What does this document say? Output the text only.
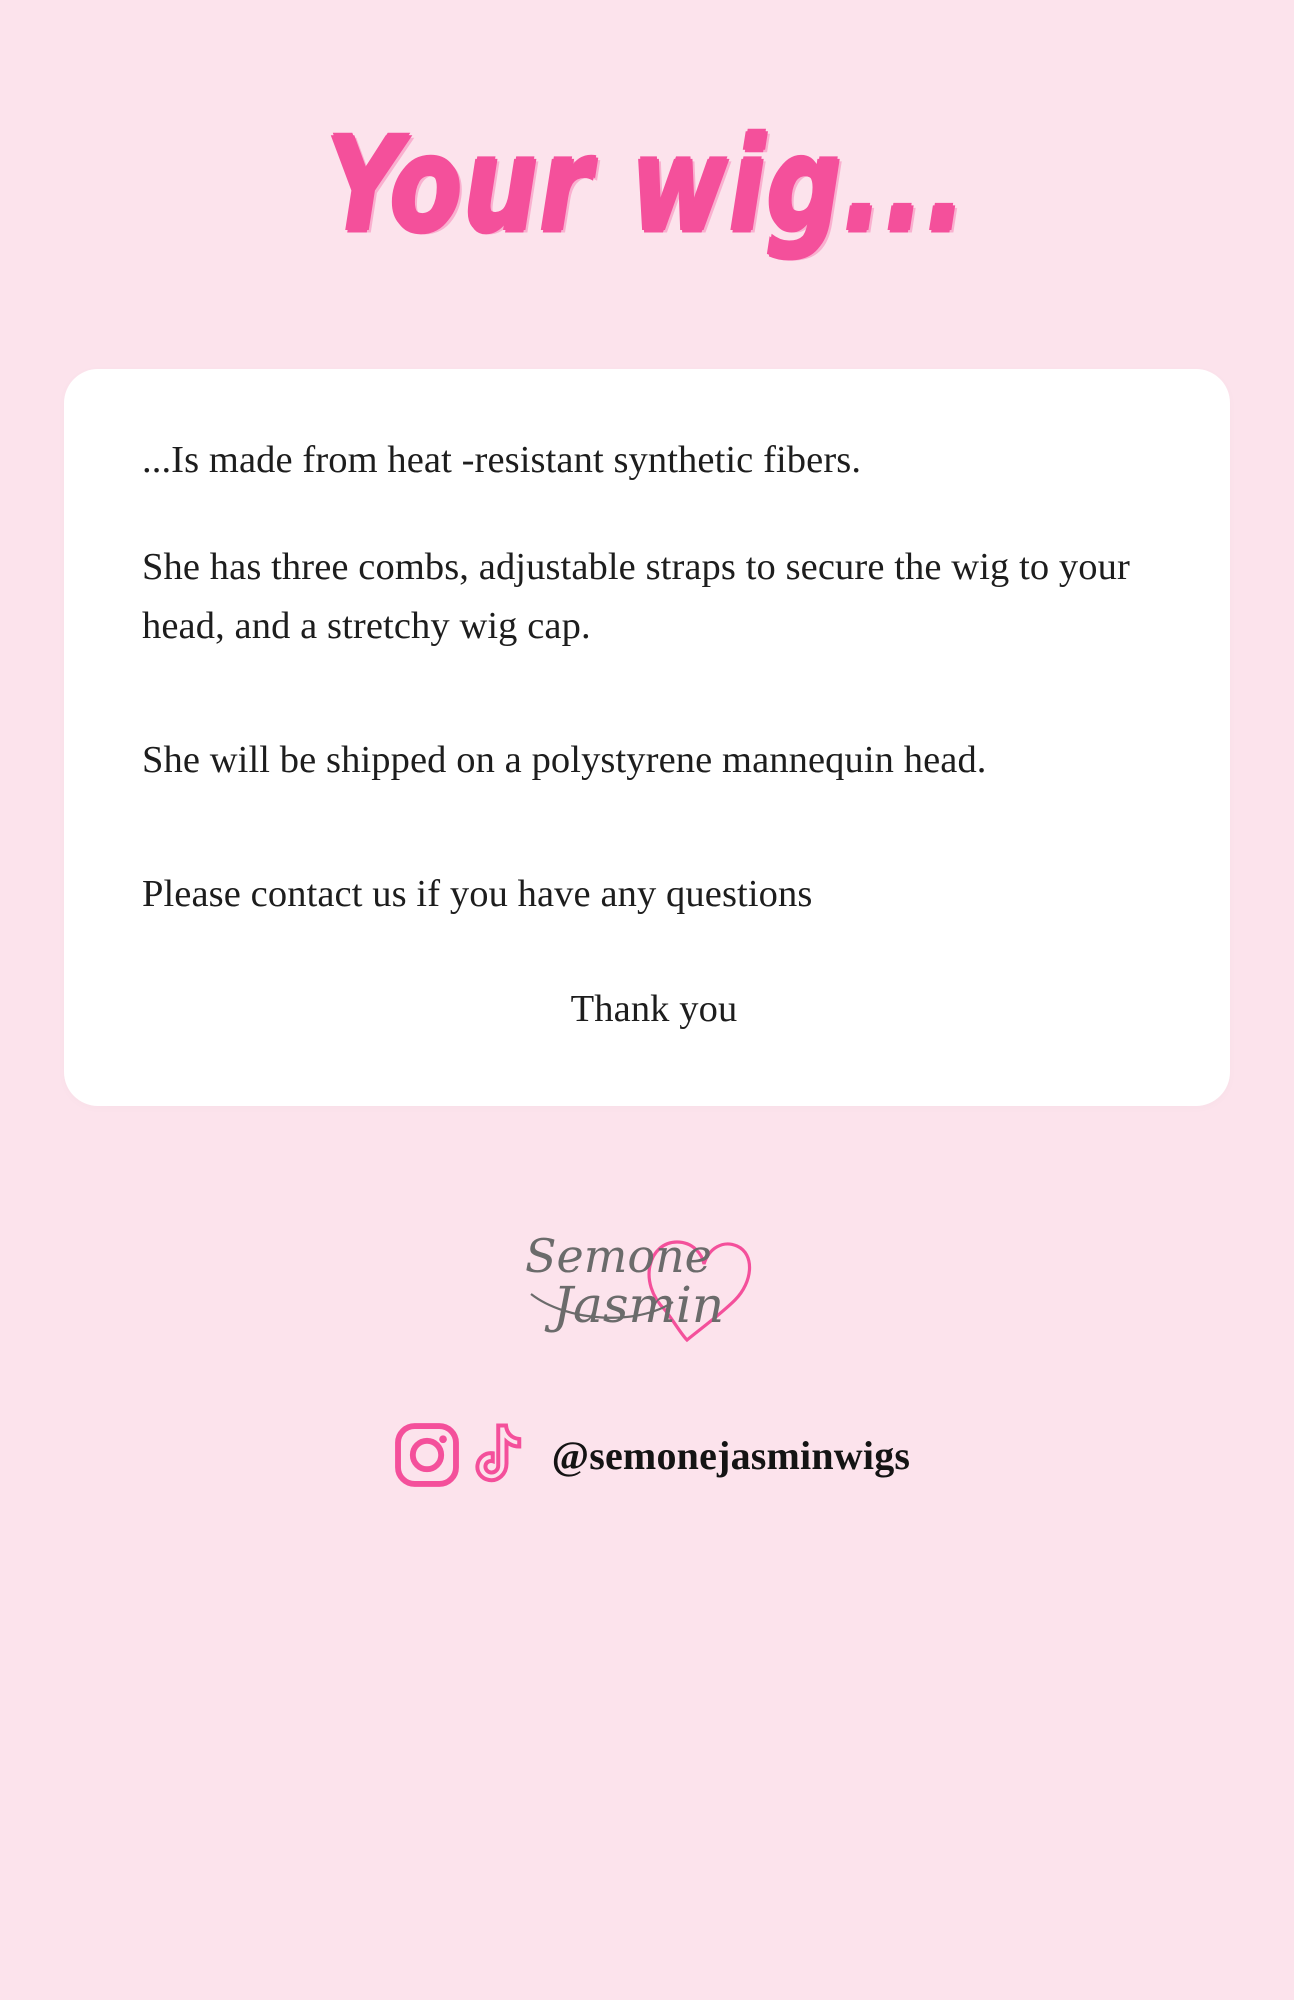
Your wig...

...Is made from heat -resistant synthetic fibers.

She has three combs, adjustable straps to secure the wig to your head, and a stretchy wig cap.

She will be shipped on a polystyrene mannequin head.

Please contact us if you have any questions

Thank you

Semone
Jasmin
@semonejasminwigs
